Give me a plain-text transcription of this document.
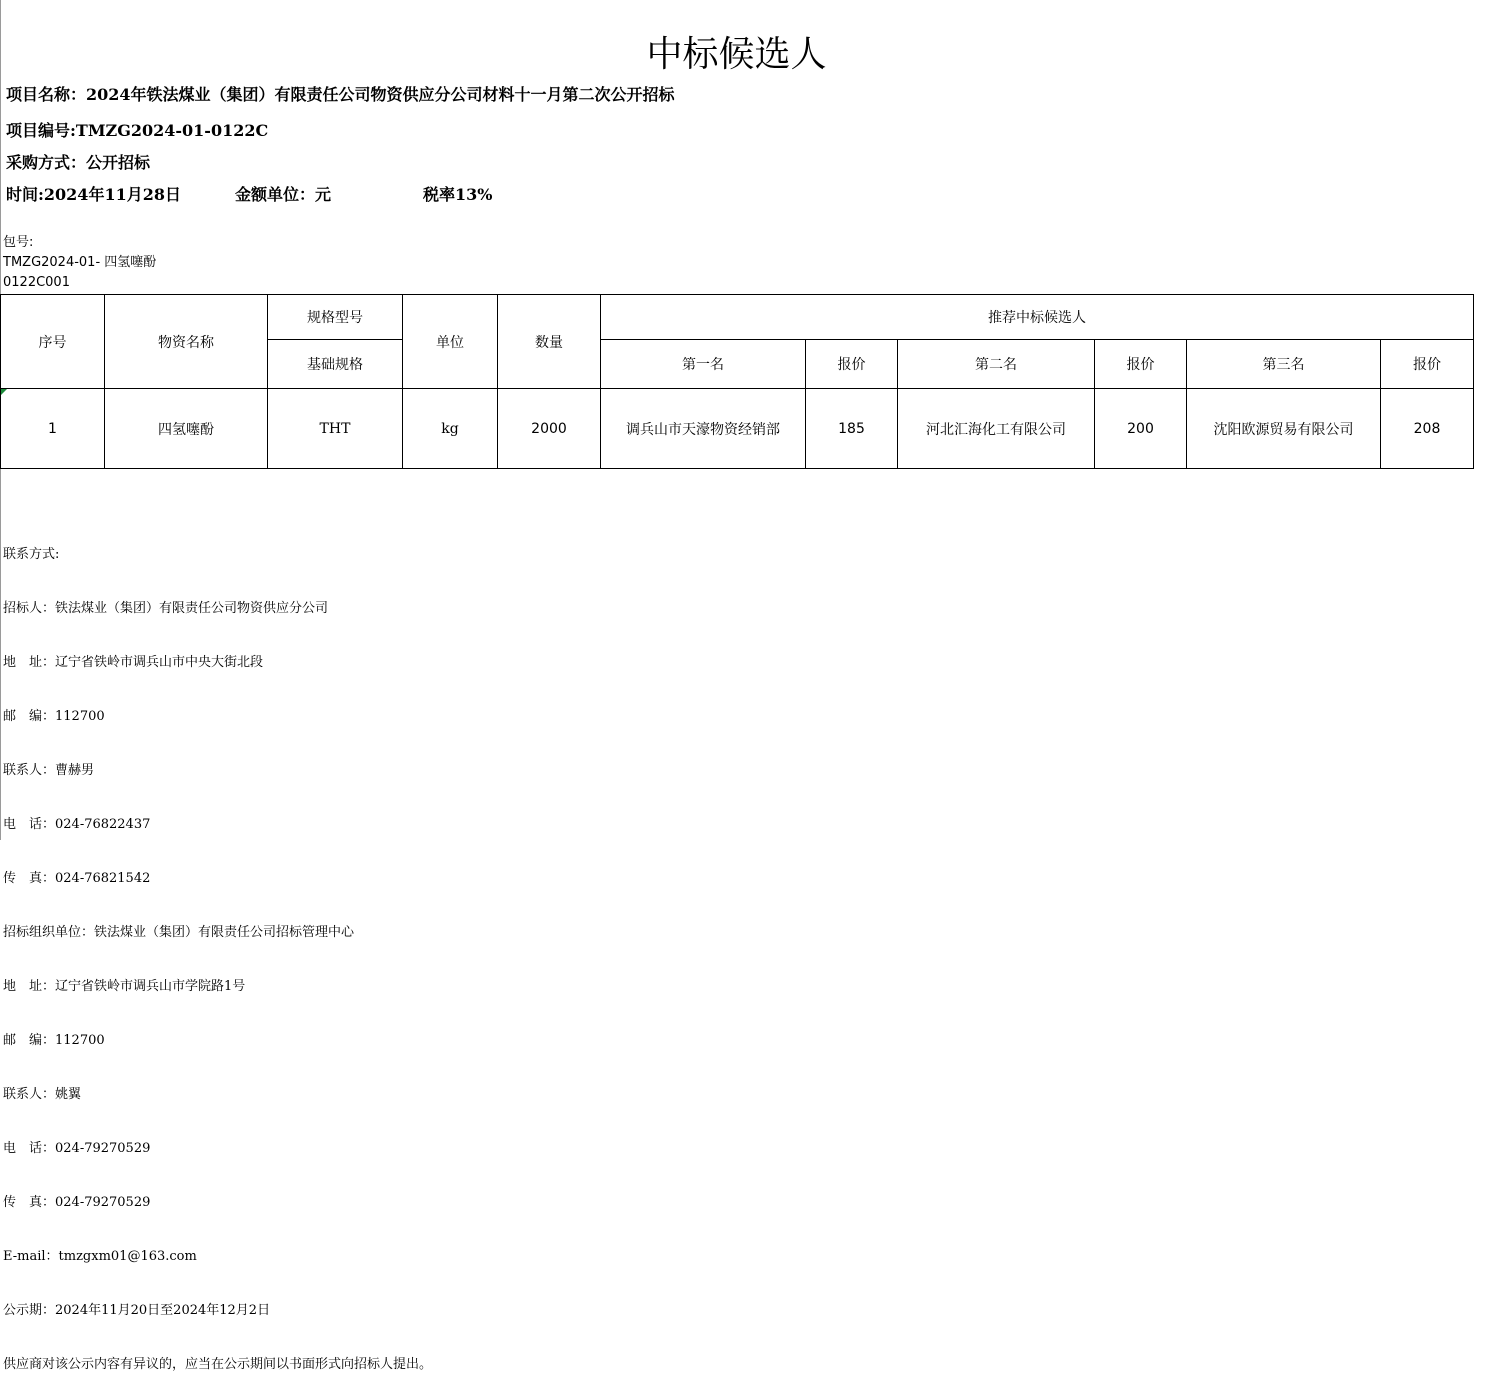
中标候选人
项目名称：2024年铁法煤业（集团）有限责任公司物资供应分公司材料十一月第二次公开招标
项目编号:TMZG2024-01-0122C
采购方式：公开招标
时间:2024年11月28日	金额单位：元	税率13%
包号:
TMZG2024-01- 四氢噻酚
0122C001
序号	物资名称	规格型号	单位	数量	推荐中标候选人					
		基础规格			第一名	报价	第二名	报价	第三名	报价
1	四氢噻酚	THT	kg	2000	调兵山市天濠物资经销部	185	河北汇海化工有限公司	200	沈阳欧源贸易有限公司	208

联系方式:

招标人：铁法煤业（集团）有限责任公司物资供应分公司

地　址：辽宁省铁岭市调兵山市中央大街北段

邮　编：112700

联系人：曹赫男

电　话：024-76822437

传　真：024-76821542

招标组织单位：铁法煤业（集团）有限责任公司招标管理中心

地　址：辽宁省铁岭市调兵山市学院路1号

邮　编：112700

联系人：姚翼

电　话：024-79270529

传　真：024-79270529

E-mail：tmzgxm01@163.com

公示期：2024年11月20日至2024年12月2日

供应商对该公示内容有异议的，应当在公示期间以书面形式向招标人提出。
